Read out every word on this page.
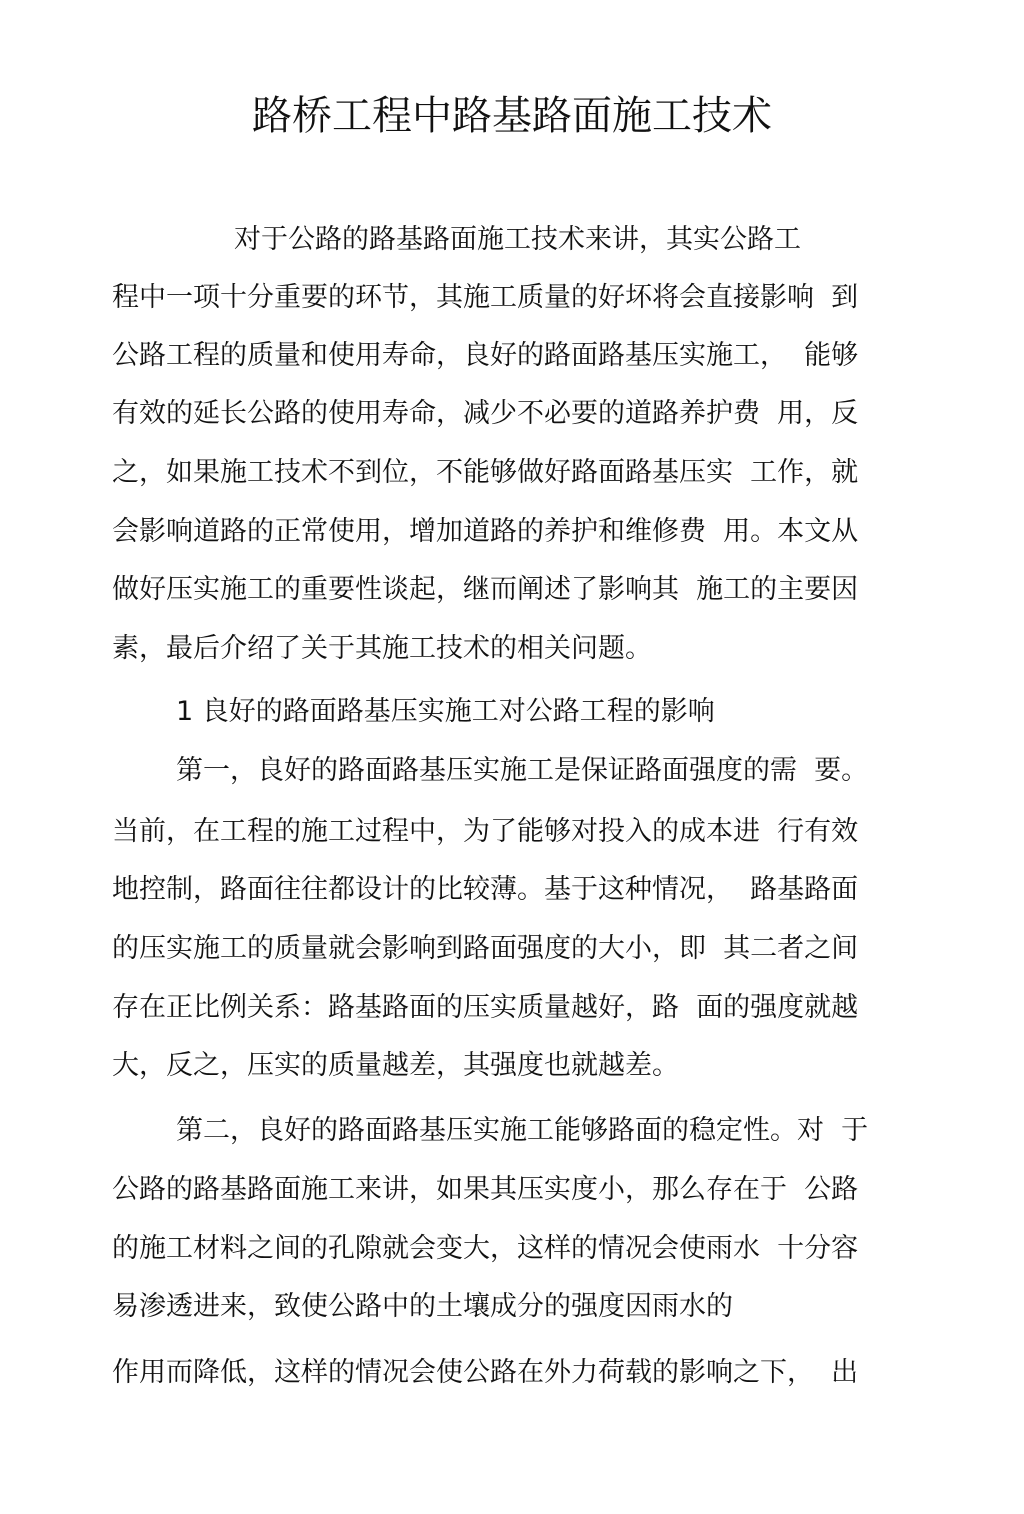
路桥工程中路基路面施工技术
对于公路的路基路面施工技术来讲，其实公路工
程中一项十分重要的环节，其施工质量的好坏将会直接影响  到
公路工程的质量和使用寿命，良好的路面路基压实施工，  能够
有效的延长公路的使用寿命，减少不必要的道路养护费  用，反
之，如果施工技术不到位，不能够做好路面路基压实  工作，就
会影响道路的正常使用，增加道路的养护和维修费  用。本文从
做好压实施工的重要性谈起，继而阐述了影响其  施工的主要因
素，最后介绍了关于其施工技术的相关问题。
1 良好的路面路基压实施工对公路工程的影响
第一，良好的路面路基压实施工是保证路面强度的需  要。
当前，在工程的施工过程中，为了能够对投入的成本进  行有效
地控制，路面往往都设计的比较薄。基于这种情况，  路基路面
的压实施工的质量就会影响到路面强度的大小，即  其二者之间
存在正比例关系：路基路面的压实质量越好，路  面的强度就越
大，反之，压实的质量越差，其强度也就越差。
第二，良好的路面路基压实施工能够路面的稳定性。对  于
公路的路基路面施工来讲，如果其压实度小，那么存在于  公路
的施工材料之间的孔隙就会变大，这样的情况会使雨水  十分容
易渗透进来，致使公路中的土壤成分的强度因雨水的
作用而降低，这样的情况会使公路在外力荷载的影响之下，  出
